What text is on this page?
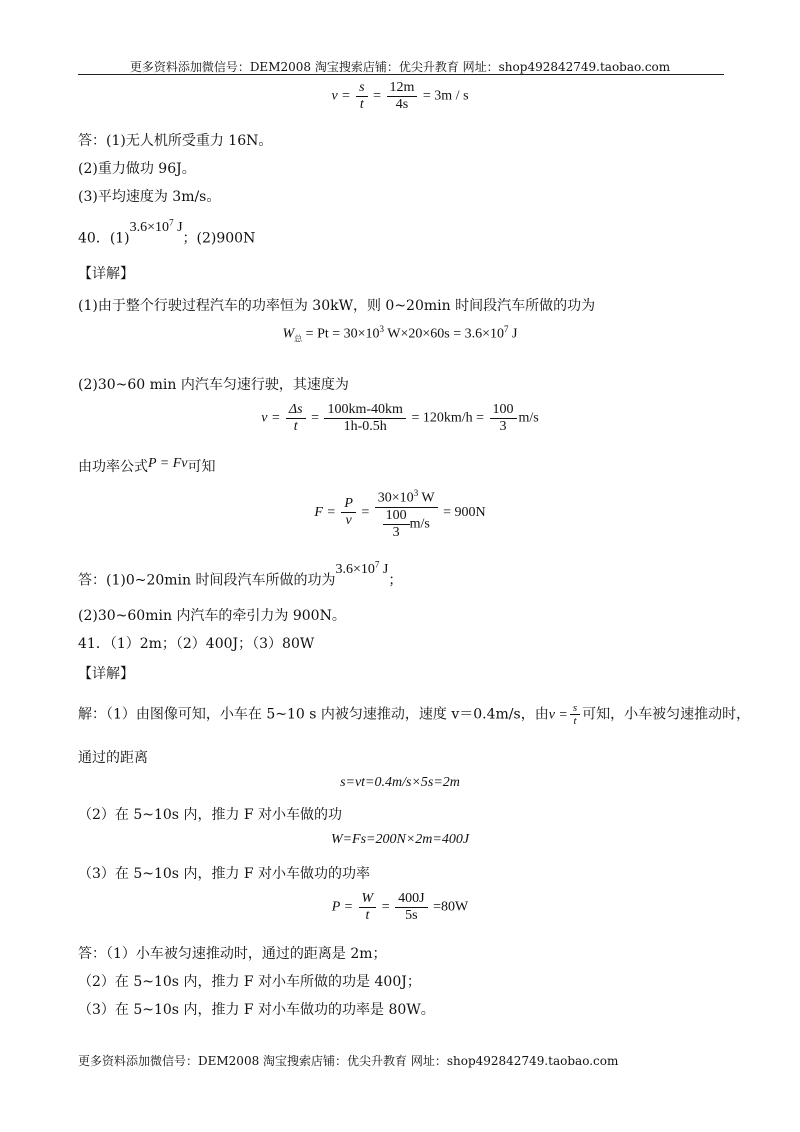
更多资料添加微信号：DEM2008 淘宝搜索店铺：优尖升教育 网址：shop492842749.taobao.com
$v = \frac{s}{t} = \frac{12m}{4s} = 3m / s$
答：(1)无人机所受重力 16N。
(2)重力做功 96J。
(3)平均速度为 3m/s。
40．$(1)3.6\times 10^7$ J；(2)900N
【详解】
(1)由于整个行驶过程汽车的功率恒为 30kW，则 0~20min 时间段汽车所做的功为
$W_总 = Pt = 30\times 10^3$ $W\times 20\times 60s = 3.6\times 10^7$ J
(2)30~60 min 内汽车匀速行驶，其速度为
$v = \frac{\Delta s}{t} = \frac{100km-40km}{1h-0.5h} = 120km/h = \frac{100}{3} m/s$
由功率公式P = Fv可知
$F = \frac{P}{v} = \frac{30\times 10^3 W}{\frac{100}{3} m/s} = 900N$
答：(1)0~20min 时间段汽车所做的功为$3.6\times 10^7$ J；
(2)30~60min 内汽车的牵引力为 900N。
41．（1）2m；（2）400J；（3）80W
【详解】
解：（1）由图像可知，小车在 5~10 s 内被匀速推动，速度 v＝0.4m/s，由$v = \frac{s}{t}$ 可知，小车被匀速推动时，
通过的距离
s=vt=0.4m/s×5s=2m
（2）在 5~10s 内，推力 F 对小车做的功
W=Fs=200N×2m=400J
（3）在 5~10s 内，推力 F 对小车做功的功率
$P = \frac{W}{t} = \frac{400J}{5s} =80W$
答：（1）小车被匀速推动时，通过的距离是 2m；
（2）在 5~10s 内，推力 F 对小车所做的功是 400J；
（3）在 5~10s 内，推力 F 对小车做功的功率是 80W。
更多资料添加微信号：DEM2008 淘宝搜索店铺：优尖升教育 网址：shop492842749.taobao.com
